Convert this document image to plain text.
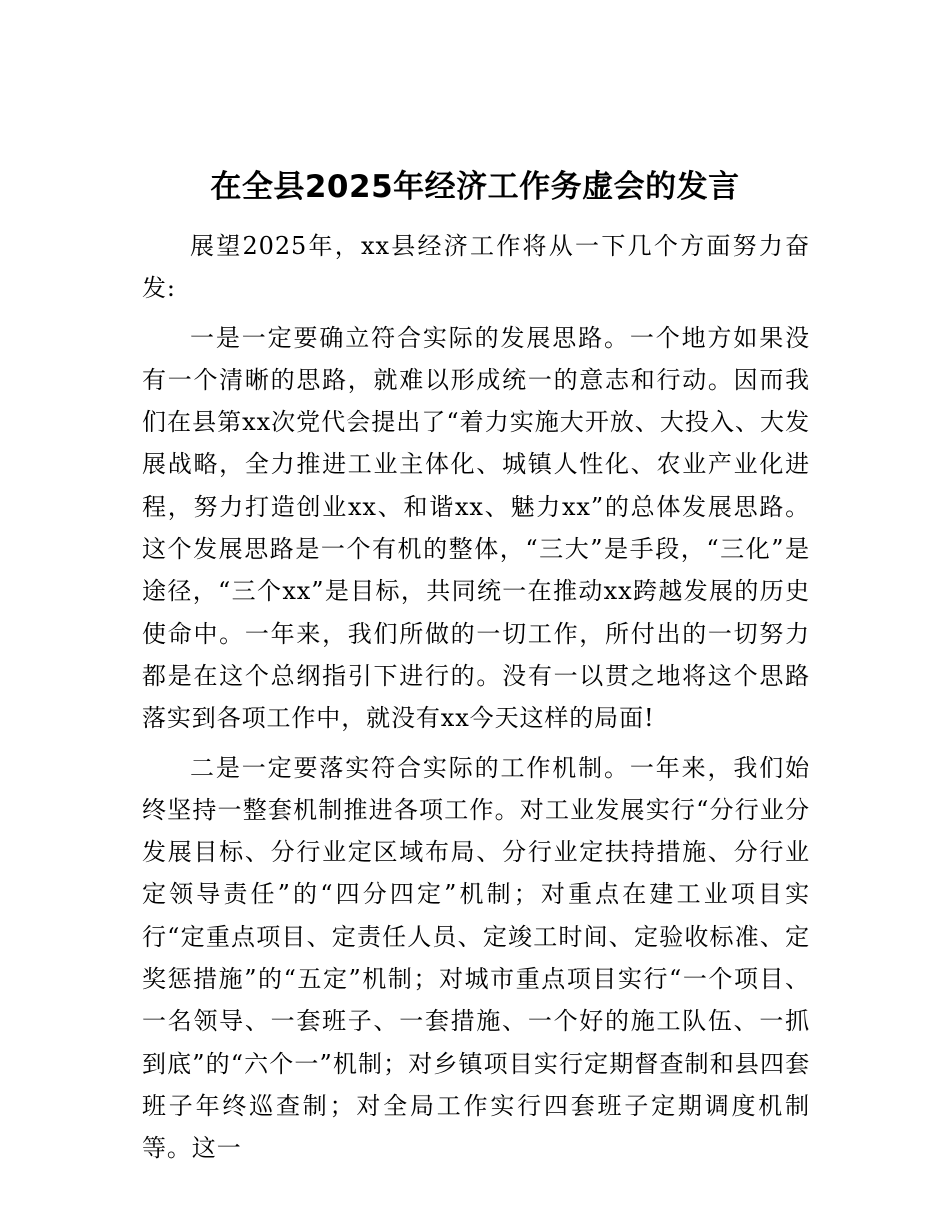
在全县2025年经济工作务虚会的发言

展望2025年，xx县经济工作将从一下几个方面努力奋发:

一是一定要确立符合实际的发展思路。一个地方如果没有一个清晰的思路，就难以形成统一的意志和行动。因而我们在县第xx次党代会提出了“着力实施大开放、大投入、大发展战略，全力推进工业主体化、城镇人性化、农业产业化进程，努力打造创业xx、和谐xx、魅力xx”的总体发展思路。这个发展思路是一个有机的整体，“三大”是手段，“三化”是途径，“三个xx”是目标，共同统一在推动xx跨越发展的历史使命中。一年来，我们所做的一切工作，所付出的一切努力都是在这个总纲指引下进行的。没有一以贯之地将这个思路落实到各项工作中，就没有xx今天这样的局面!

二是一定要落实符合实际的工作机制。一年来，我们始终坚持一整套机制推进各项工作。对工业发展实行“分行业分发展目标、分行业定区域布局、分行业定扶持措施、分行业定领导责任”的“四分四定”机制；对重点在建工业项目实行“定重点项目、定责任人员、定竣工时间、定验收标准、定奖惩措施”的“五定”机制；对城市重点项目实行“一个项目、一名领导、一套班子、一套措施、一个好的施工队伍、一抓到底”的“六个一”机制；对乡镇项目实行定期督查制和县四套班子年终巡查制；对全局工作实行四套班子定期调度机制等。这一
